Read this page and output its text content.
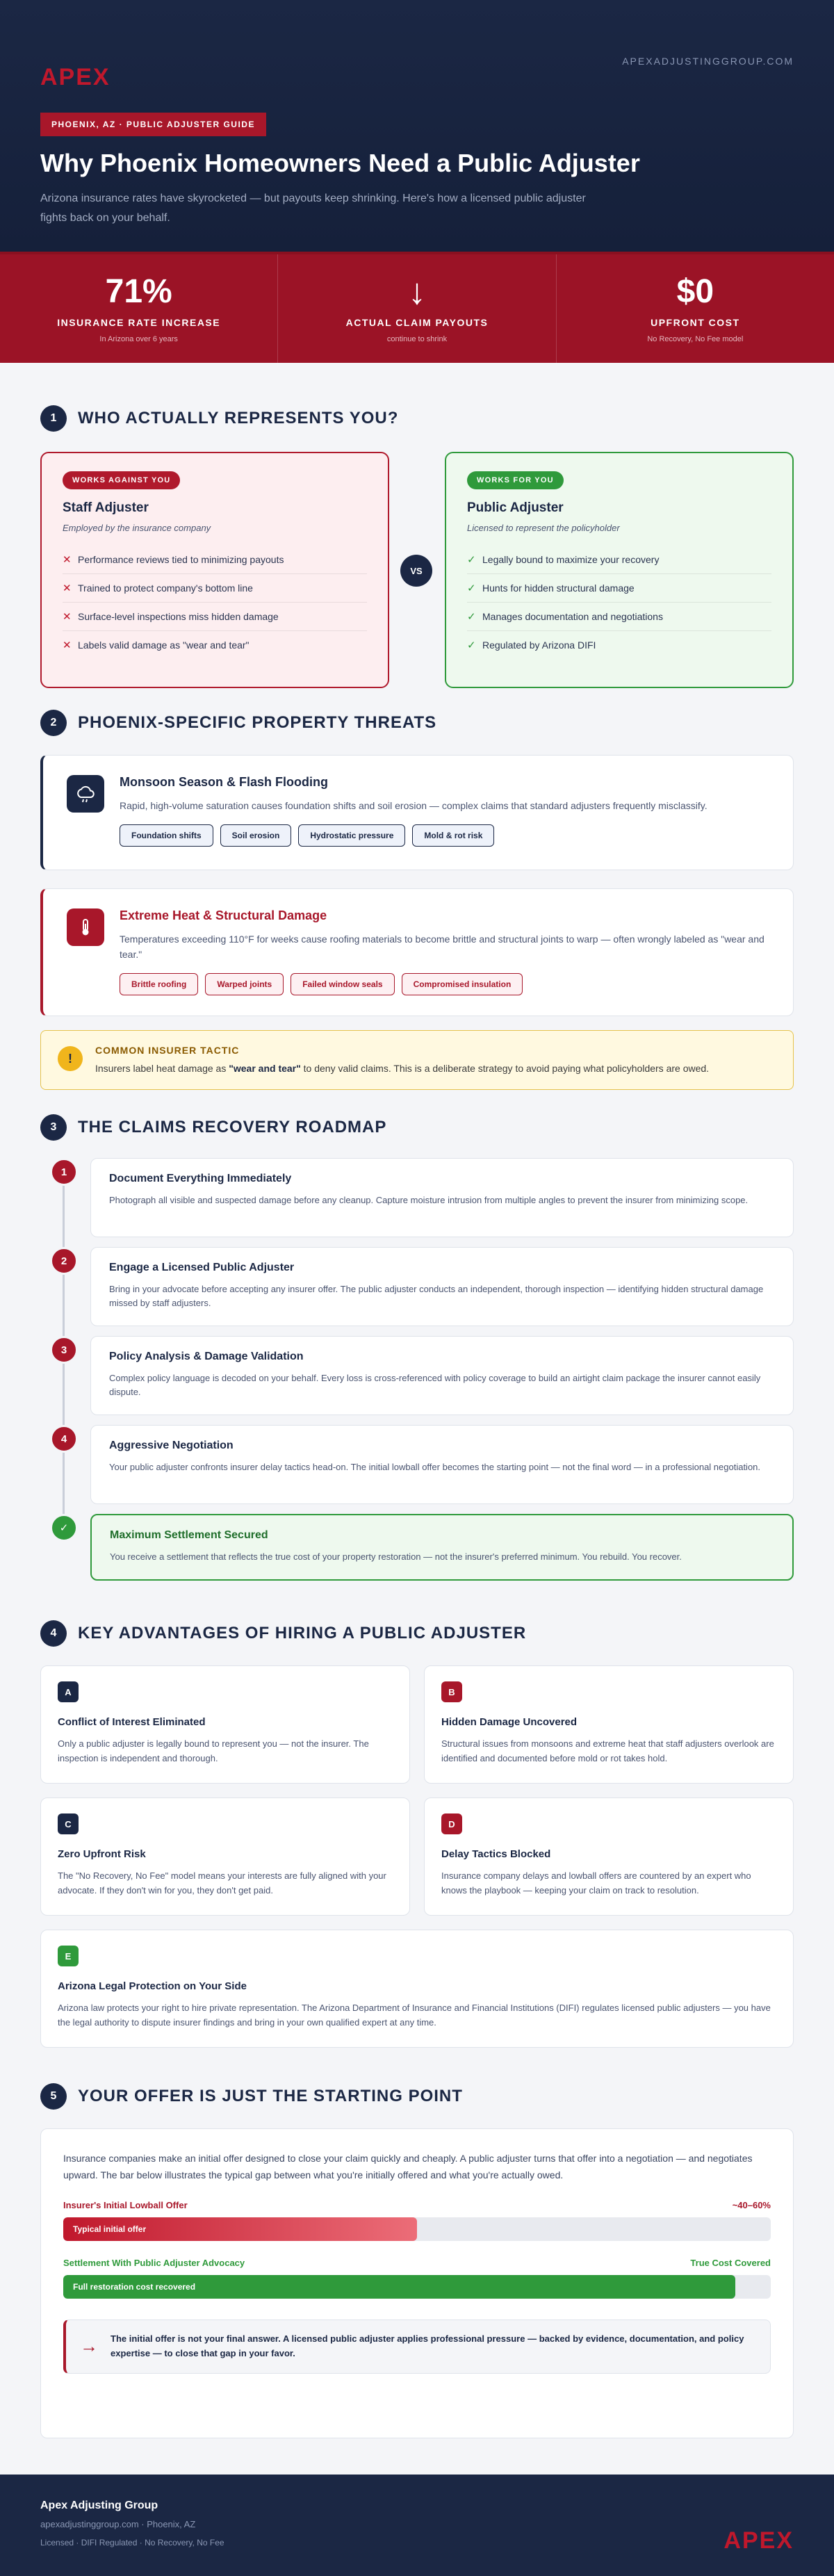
APEX
APEXADJUSTINGGROUP.COM
PHOENIX, AZ · PUBLIC ADJUSTER GUIDE
Why Phoenix Homeowners Need a Public Adjuster

Arizona insurance rates have skyrocketed — but payouts keep shrinking. Here's how a licensed public adjuster fights back on your behalf.

71%
INSURANCE RATE INCREASE
In Arizona over 6 years
↓
ACTUAL CLAIM PAYOUTS
continue to shrink
$0
UPFRONT COST
No Recovery, No Fee model
1	WHO ACTUALLY REPRESENTS YOU?
WORKS AGAINST YOU
Staff Adjuster
Employed by the insurance company
✕ Performance reviews tied to minimizing payouts
✕ Trained to protect company's bottom line
✕ Surface-level inspections miss hidden damage
✕ Labels valid damage as "wear and tear"
VS
WORKS FOR YOU
Public Adjuster
Licensed to represent the policyholder
✓ Legally bound to maximize your recovery
✓ Hunts for hidden structural damage
✓ Manages documentation and negotiations
✓ Regulated by Arizona DIFI
2	PHOENIX-SPECIFIC PROPERTY THREATS
Monsoon Season & Flash Flooding
Rapid, high-volume saturation causes foundation shifts and soil erosion — complex claims that standard adjusters frequently misclassify.
Foundation shifts	Soil erosion	Hydrostatic pressure	Mold & rot risk
Extreme Heat & Structural Damage
Temperatures exceeding 110°F for weeks cause roofing materials to become brittle and structural joints to warp — often wrongly labeled as "wear and tear."
Brittle roofing	Warped joints	Failed window seals	Compromised insulation
!
COMMON INSURER TACTIC
Insurers label heat damage as "wear and tear" to deny valid claims. This is a deliberate strategy to avoid paying what policyholders are owed.
3	THE CLAIMS RECOVERY ROADMAP
1
Document Everything Immediately
Photograph all visible and suspected damage before any cleanup. Capture moisture intrusion from multiple angles to prevent the insurer from minimizing scope.
2
Engage a Licensed Public Adjuster
Bring in your advocate before accepting any insurer offer. The public adjuster conducts an independent, thorough inspection — identifying hidden structural damage missed by staff adjusters.
3
Policy Analysis & Damage Validation
Complex policy language is decoded on your behalf. Every loss is cross-referenced with policy coverage to build an airtight claim package the insurer cannot easily dispute.
4
Aggressive Negotiation
Your public adjuster confronts insurer delay tactics head-on. The initial lowball offer becomes the starting point — not the final word — in a professional negotiation.
✓
Maximum Settlement Secured
You receive a settlement that reflects the true cost of your property restoration — not the insurer's preferred minimum. You rebuild. You recover.
4	KEY ADVANTAGES OF HIRING A PUBLIC ADJUSTER
A
Conflict of Interest Eliminated
Only a public adjuster is legally bound to represent you — not the insurer. The inspection is independent and thorough.
B
Hidden Damage Uncovered
Structural issues from monsoons and extreme heat that staff adjusters overlook are identified and documented before mold or rot takes hold.
C
Zero Upfront Risk
The "No Recovery, No Fee" model means your interests are fully aligned with your advocate. If they don't win for you, they don't get paid.
D
Delay Tactics Blocked
Insurance company delays and lowball offers are countered by an expert who knows the playbook — keeping your claim on track to resolution.
E
Arizona Legal Protection on Your Side
Arizona law protects your right to hire private representation. The Arizona Department of Insurance and Financial Institutions (DIFI) regulates licensed public adjusters — you have the legal authority to dispute insurer findings and bring in your own qualified expert at any time.
5	YOUR OFFER IS JUST THE STARTING POINT
Insurance companies make an initial offer designed to close your claim quickly and cheaply. A public adjuster turns that offer into a negotiation — and negotiates upward. The bar below illustrates the typical gap between what you're initially offered and what you're actually owed.
Insurer's Initial Lowball Offer	~40–60%
Typical initial offer
Settlement With Public Adjuster Advocacy	True Cost Covered
Full restoration cost recovered
→ The initial offer is not your final answer. A licensed public adjuster applies professional pressure — backed by evidence, documentation, and policy expertise — to close that gap in your favor.
Apex Adjusting Group
apexadjustinggroup.com · Phoenix, AZ
Licensed · DIFI Regulated · No Recovery, No Fee	APEX
